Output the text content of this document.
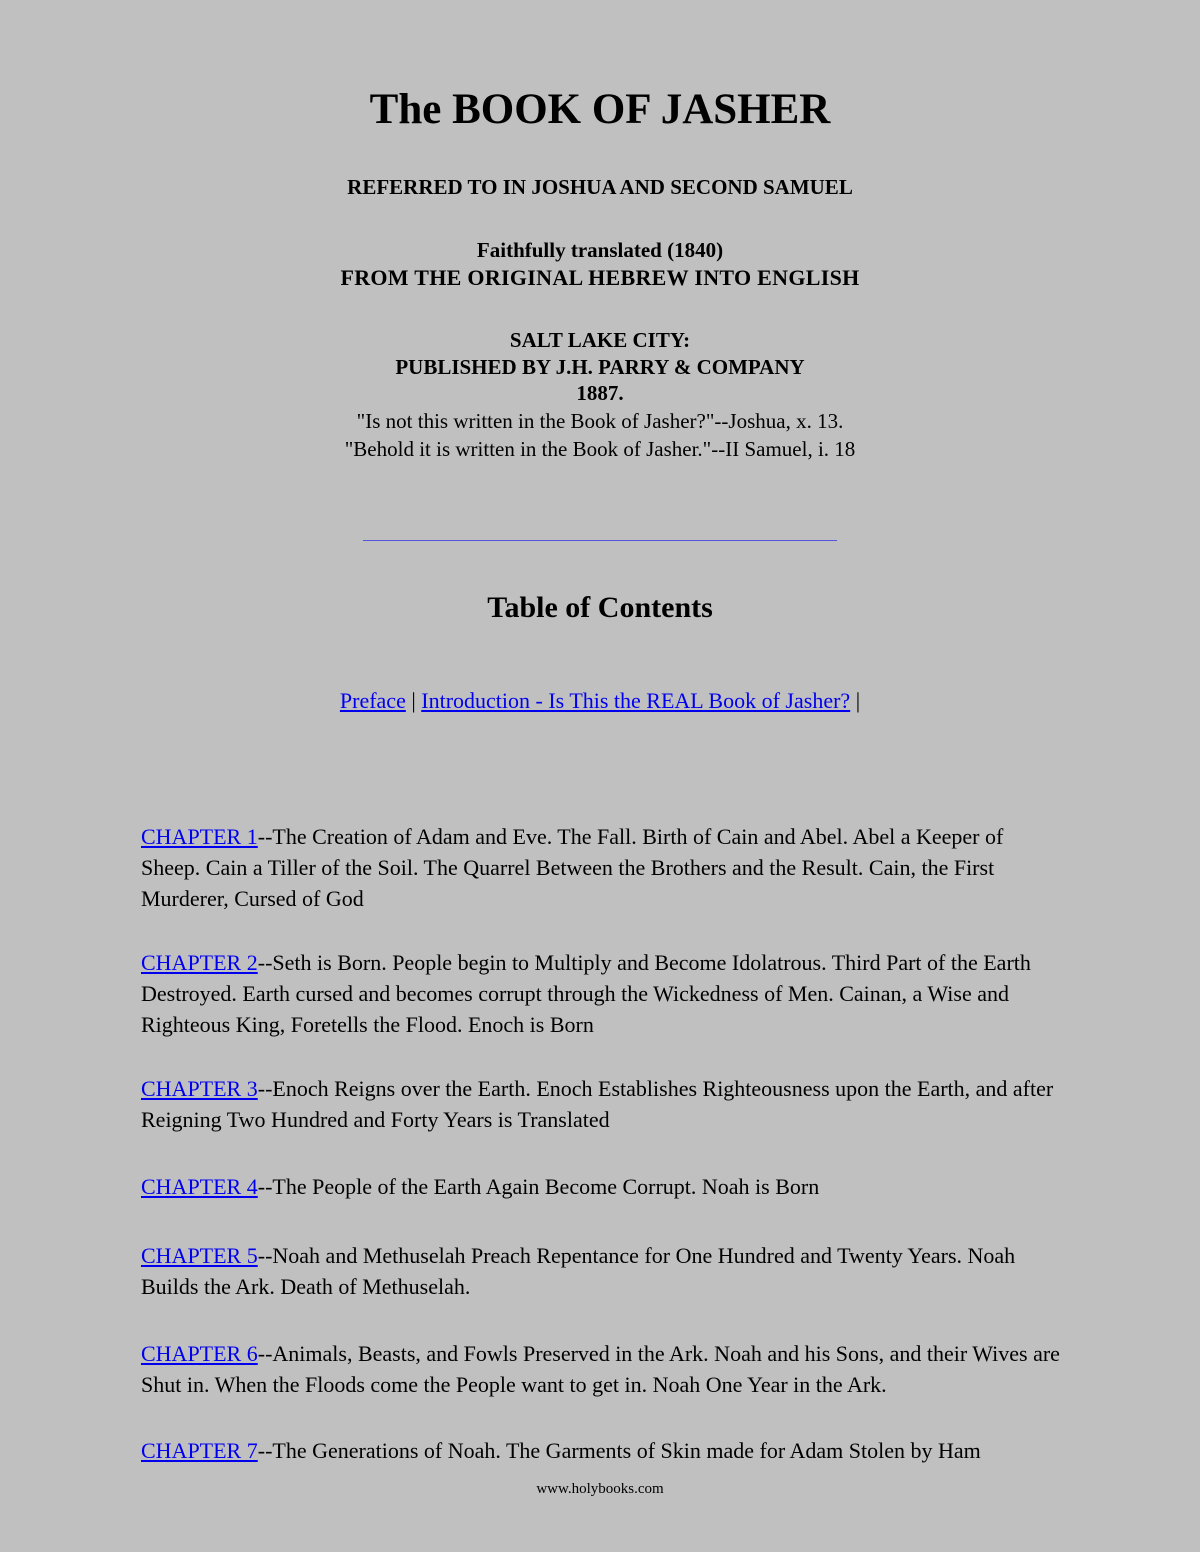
The BOOK OF JASHER
REFERRED TO IN JOSHUA AND SECOND SAMUEL
Faithfully translated (1840)
FROM THE ORIGINAL HEBREW INTO ENGLISH
SALT LAKE CITY:
PUBLISHED BY J.H. PARRY & COMPANY
1887.
"Is not this written in the Book of Jasher?"--Joshua, x. 13.
"Behold it is written in the Book of Jasher."--II Samuel, i. 18
Table of Contents
Preface | Introduction - Is This the REAL Book of Jasher? |
CHAPTER 1--The Creation of Adam and Eve. The Fall. Birth of Cain and Abel. Abel a Keeper of Sheep. Cain a Tiller of the Soil. The Quarrel Between the Brothers and the Result. Cain, the First Murderer, Cursed of God
CHAPTER 2--Seth is Born. People begin to Multiply and Become Idolatrous. Third Part of the Earth Destroyed. Earth cursed and becomes corrupt through the Wickedness of Men. Cainan, a Wise and Righteous King, Foretells the Flood. Enoch is Born
CHAPTER 3--Enoch Reigns over the Earth. Enoch Establishes Righteousness upon the Earth, and after Reigning Two Hundred and Forty Years is Translated
CHAPTER 4--The People of the Earth Again Become Corrupt. Noah is Born
CHAPTER 5--Noah and Methuselah Preach Repentance for One Hundred and Twenty Years. Noah Builds the Ark. Death of Methuselah.
CHAPTER 6--Animals, Beasts, and Fowls Preserved in the Ark. Noah and his Sons, and their Wives are Shut in. When the Floods come the People want to get in. Noah One Year in the Ark.
CHAPTER 7--The Generations of Noah. The Garments of Skin made for Adam Stolen by Ham
www.holybooks.com
